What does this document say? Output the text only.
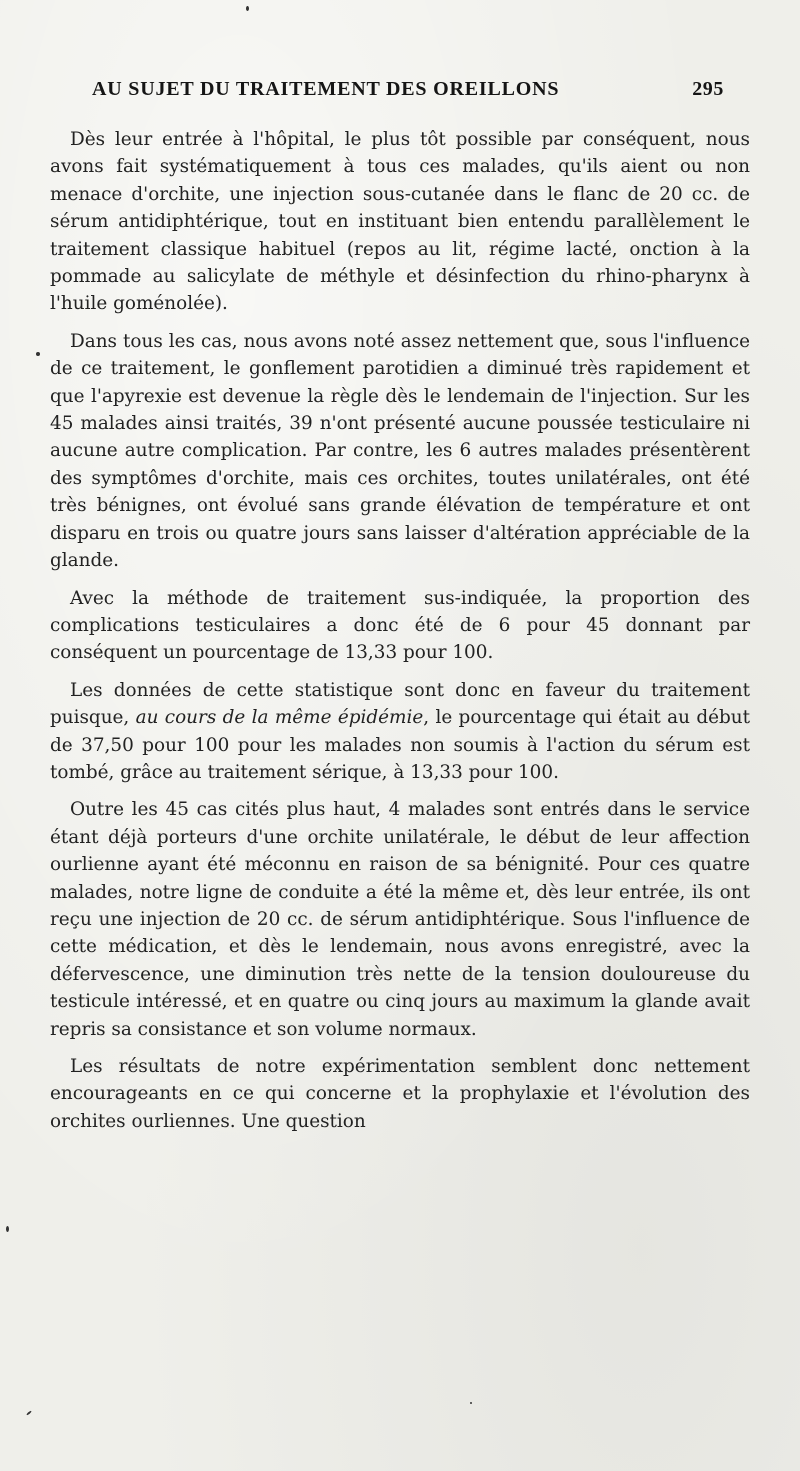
AU SUJET DU TRAITEMENT DES OREILLONS	295

Dès leur entrée à l'hôpital, le plus tôt possible par conséquent, nous avons fait systématiquement à tous ces malades, qu'ils aient ou non menace d'orchite, une injection sous-cutanée dans le flanc de 20 cc. de sérum antidiphtérique, tout en instituant bien entendu parallèlement le traitement classique habituel (repos au lit, régime lacté, onction à la pommade au salicylate de méthyle et désinfection du rhino-pharynx à l'huile goménolée).

Dans tous les cas, nous avons noté assez nettement que, sous l'influence de ce traitement, le gonflement parotidien a diminué très rapidement et que l'apyrexie est devenue la règle dès le lendemain de l'injection. Sur les 45 malades ainsi traités, 39 n'ont présenté aucune poussée testiculaire ni aucune autre complication. Par contre, les 6 autres malades présentèrent des symptômes d'orchite, mais ces orchites, toutes unilatérales, ont été très bénignes, ont évolué sans grande élévation de température et ont disparu en trois ou quatre jours sans laisser d'altération appréciable de la glande.

Avec la méthode de traitement sus-indiquée, la proportion des complications testiculaires a donc été de 6 pour 45 donnant par conséquent un pourcentage de 13,33 pour 100.

Les données de cette statistique sont donc en faveur du traitement puisque, au cours de la même épidémie, le pourcentage qui était au début de 37,50 pour 100 pour les malades non soumis à l'action du sérum est tombé, grâce au traitement sérique, à 13,33 pour 100.

Outre les 45 cas cités plus haut, 4 malades sont entrés dans le service étant déjà porteurs d'une orchite unilatérale, le début de leur affection ourlienne ayant été méconnu en raison de sa bénignité. Pour ces quatre malades, notre ligne de conduite a été la même et, dès leur entrée, ils ont reçu une injection de 20 cc. de sérum antidiphtérique. Sous l'influence de cette médication, et dès le lendemain, nous avons enregistré, avec la défervescence, une diminution très nette de la tension douloureuse du testicule intéressé, et en quatre ou cinq jours au maximum la glande avait repris sa consistance et son volume normaux.

Les résultats de notre expérimentation semblent donc nettement encourageants en ce qui concerne et la prophylaxie et l'évolution des orchites ourliennes. Une question
